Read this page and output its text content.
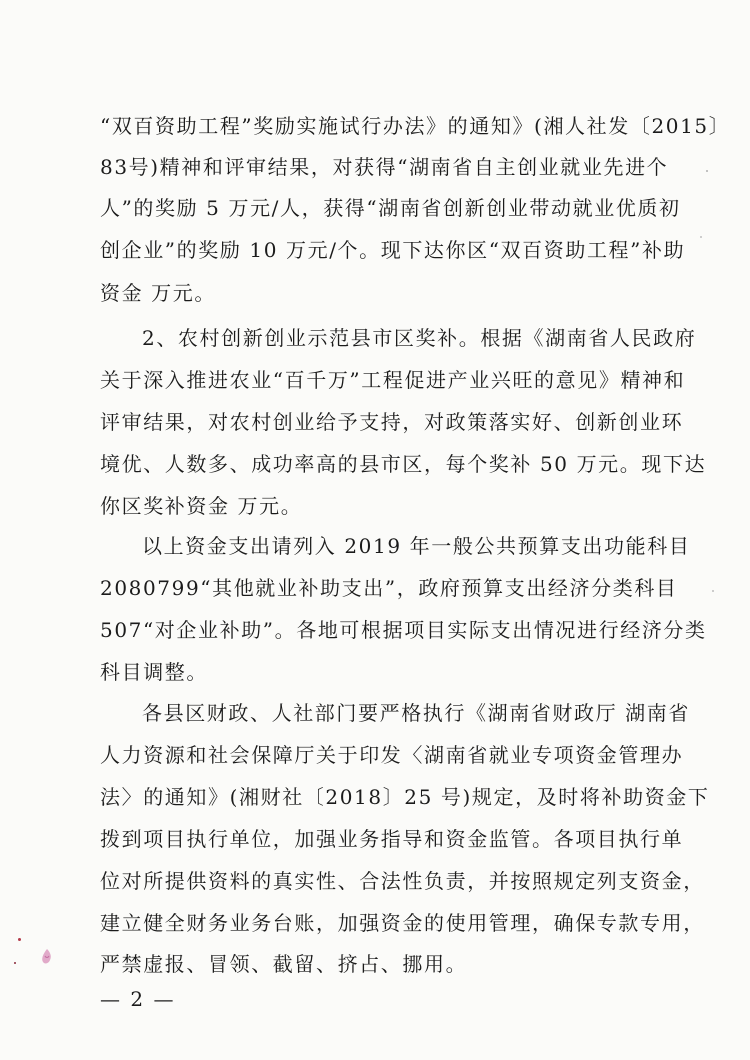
“双百资助工程”奖励实施试行办法》的通知》(湘人社发〔2015〕
83号)精神和评审结果，对获得“湖南省自主创业就业先进个
人”的奖励 5 万元/人，获得“湖南省创新创业带动就业优质初
创企业”的奖励 10 万元/个。现下达你区“双百资助工程”补助
资金 万元。
2、农村创新创业示范县市区奖补。根据《湖南省人民政府
关于深入推进农业“百千万”工程促进产业兴旺的意见》精神和
评审结果，对农村创业给予支持，对政策落实好、创新创业环
境优、人数多、成功率高的县市区，每个奖补 50 万元。现下达
你区奖补资金 万元。
以上资金支出请列入 2019 年一般公共预算支出功能科目
2080799“其他就业补助支出”，政府预算支出经济分类科目
507“对企业补助”。各地可根据项目实际支出情况进行经济分类
科目调整。
各县区财政、人社部门要严格执行《湖南省财政厅 湖南省
人力资源和社会保障厅关于印发〈湖南省就业专项资金管理办
法〉的通知》(湘财社〔2018〕25 号)规定，及时将补助资金下
拨到项目执行单位，加强业务指导和资金监管。各项目执行单
位对所提供资料的真实性、合法性负责，并按照规定列支资金，
建立健全财务业务台账，加强资金的使用管理，确保专款专用，
严禁虚报、冒领、截留、挤占、挪用。
— 2 —
